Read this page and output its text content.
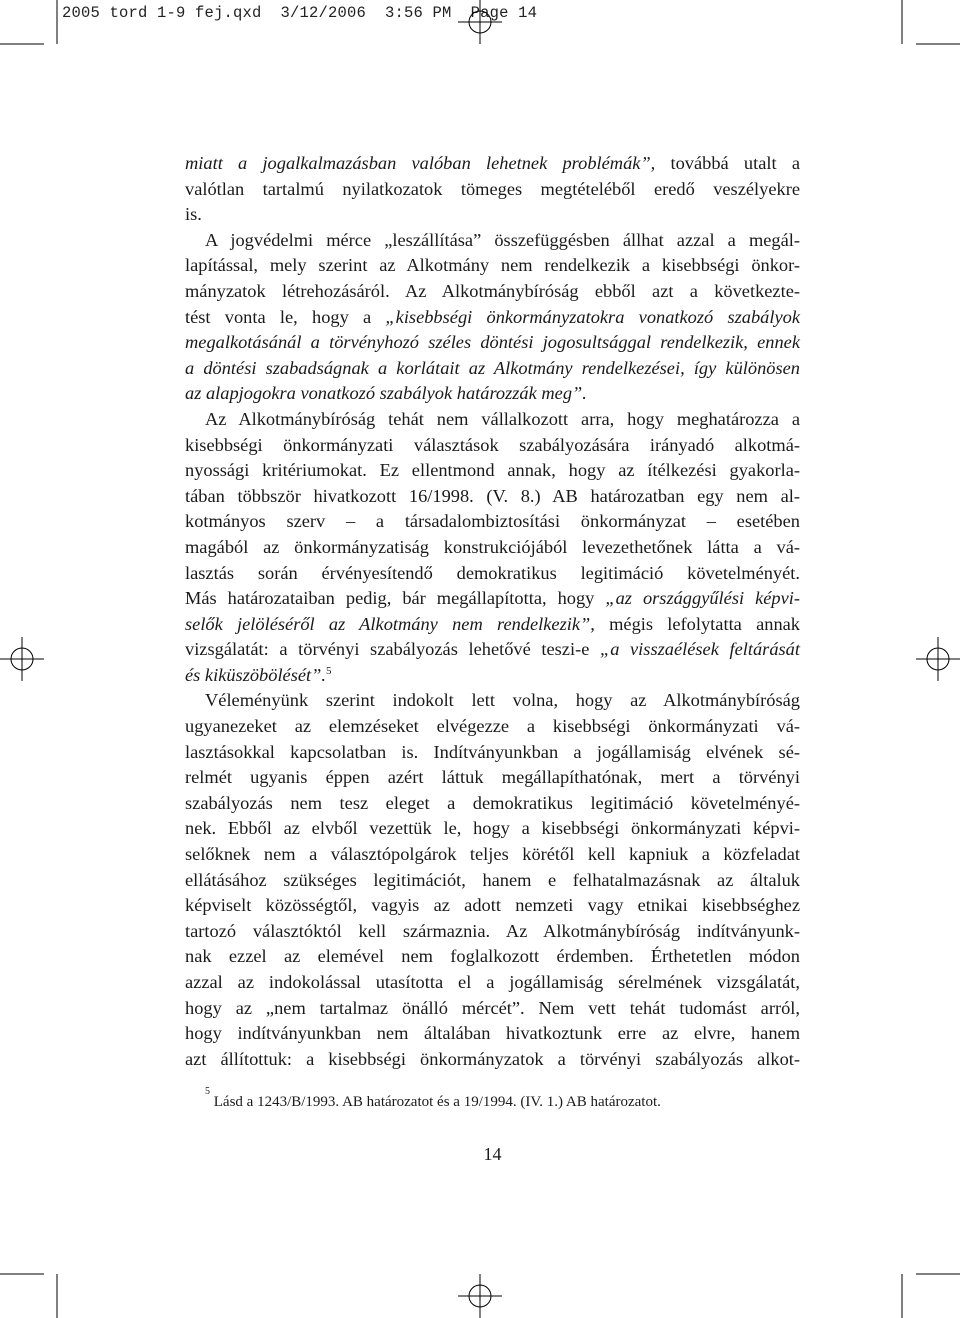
2005 tord 1-9 fej.qxd  3/12/2006  3:56 PM  Page 14
miatt a jogalkalmazásban valóban lehetnek problémák”, továbbá utalt a
valótlan tartalmú nyilatkozatok tömeges megtételéből eredő veszélyekre
is.
A jogvédelmi mérce „leszállítása” összefüggésben állhat azzal a megál-
lapítással, mely szerint az Alkotmány nem rendelkezik a kisebbségi önkor-
mányzatok létrehozásáról. Az Alkotmánybíróság ebből azt a következte-
tést vonta le, hogy a „kisebbségi önkormányzatokra vonatkozó szabályok
megalkotásánál a törvényhozó széles döntési jogosultsággal rendelkezik, ennek
a döntési szabadságnak a korlátait az Alkotmány rendelkezései, így különösen
az alapjogokra vonatkozó szabályok határozzák meg”.
Az Alkotmánybíróság tehát nem vállalkozott arra, hogy meghatározza a
kisebbségi önkormányzati választások szabályozására irányadó alkotmá-
nyossági kritériumokat. Ez ellentmond annak, hogy az ítélkezési gyakorla-
tában többször hivatkozott 16/1998. (V. 8.) AB határozatban egy nem al-
kotmányos szerv – a társadalombiztosítási önkormányzat – esetében
magából az önkormányzatiság konstrukciójából levezethetőnek látta a vá-
lasztás során érvényesítendő demokratikus legitimáció követelményét.
Más határozataiban pedig, bár megállapította, hogy „az országgyűlési képvi-
selők jelöléséről az Alkotmány nem rendelkezik”, mégis lefolytatta annak
vizsgálatát: a törvényi szabályozás lehetővé teszi-e „a visszaélések feltárását
és kiküszöbölését”.$^5$
Véleményünk szerint indokolt lett volna, hogy az Alkotmánybíróság
ugyanezeket az elemzéseket elvégezze a kisebbségi önkormányzati vá-
lasztásokkal kapcsolatban is. Indítványunkban a jogállamiság elvének sé-
relmét ugyanis éppen azért láttuk megállapíthatónak, mert a törvényi
szabályozás nem tesz eleget a demokratikus legitimáció követelményé-
nek. Ebből az elvből vezettük le, hogy a kisebbségi önkormányzati képvi-
selőknek nem a választópolgárok teljes körétől kell kapniuk a közfeladat
ellátásához szükséges legitimációt, hanem e felhatalmazásnak az általuk
képviselt közösségtől, vagyis az adott nemzeti vagy etnikai kisebbséghez
tartozó választóktól kell származnia. Az Alkotmánybíróság indítványunk-
nak ezzel az elemével nem foglalkozott érdemben. Érthetetlen módon
azzal az indokolással utasította el a jogállamiság sérelmének vizsgálatát,
hogy az „nem tartalmaz önálló mércét”. Nem vett tehát tudomást arról,
hogy indítványunkban nem általában hivatkoztunk erre az elvre, hanem
azt állítottuk: a kisebbségi önkormányzatok a törvényi szabályozás alkot-
$^5$ Lásd a 1243/B/1993. AB határozatot és a 19/1994. (IV. 1.) AB határozatot.
14
